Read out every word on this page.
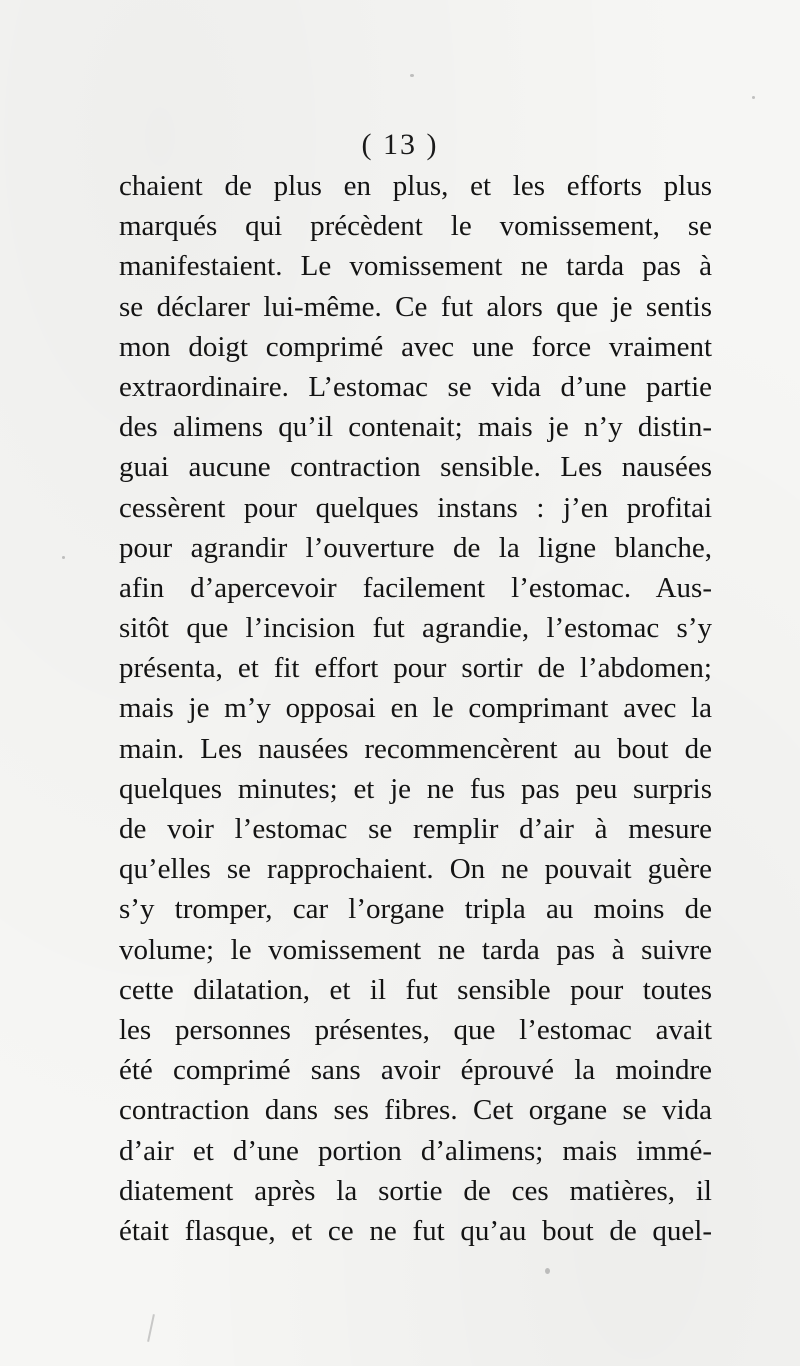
( 13 )
chaient de plus en plus, et les efforts plus
marqués qui précèdent le vomissement, se
manifestaient. Le vomissement ne tarda pas à
se déclarer lui-même. Ce fut alors que je sentis
mon doigt comprimé avec une force vraiment
extraordinaire. L’estomac se vida d’une partie
des alimens qu’il contenait; mais je n’y distin-
guai aucune contraction sensible. Les nausées
cessèrent pour quelques instans : j’en profitai
pour agrandir l’ouverture de la ligne blanche,
afin d’apercevoir facilement l’estomac. Aus-
sitôt que l’incision fut agrandie, l’estomac s’y
présenta, et fit effort pour sortir de l’abdomen;
mais je m’y opposai en le comprimant avec la
main. Les nausées recommencèrent au bout de
quelques minutes; et je ne fus pas peu surpris
de voir l’estomac se remplir d’air à mesure
qu’elles se rapprochaient. On ne pouvait guère
s’y tromper, car l’organe tripla au moins de
volume; le vomissement ne tarda pas à suivre
cette dilatation, et il fut sensible pour toutes
les personnes présentes, que l’estomac avait
été comprimé sans avoir éprouvé la moindre
contraction dans ses fibres. Cet organe se vida
d’air et d’une portion d’alimens; mais immé-
diatement après la sortie de ces matières, il
était flasque, et ce ne fut qu’au bout de quel-
